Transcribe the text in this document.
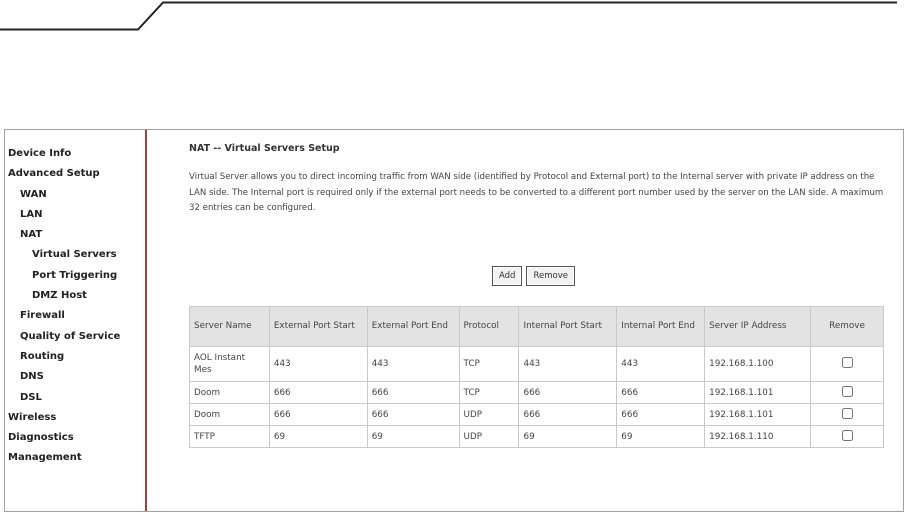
Device Info
Advanced Setup
WAN
LAN
NAT
Virtual Servers
Port Triggering
DMZ Host
Firewall
Quality of Service
Routing
DNS
DSL
Wireless
Diagnostics
Management
NAT -- Virtual Servers Setup
Virtual Server allows you to direct incoming traffic from WAN side (identified by Protocol and External port) to the Internal server with private IP address on the LAN side. The Internal port is required only if the external port needs to be converted to a different port number used by the server on the LAN side. A maximum 32 entries can be configured.
Add Remove
Server Name	External Port Start	External Port End	Protocol	Internal Port Start	Internal Port End	Server IP Address	Remove
AOL Instant Mes	443	443	TCP	443	443	192.168.1.100	
Doom	666	666	TCP	666	666	192.168.1.101	
Doom	666	666	UDP	666	666	192.168.1.101	
TFTP	69	69	UDP	69	69	192.168.1.110	
